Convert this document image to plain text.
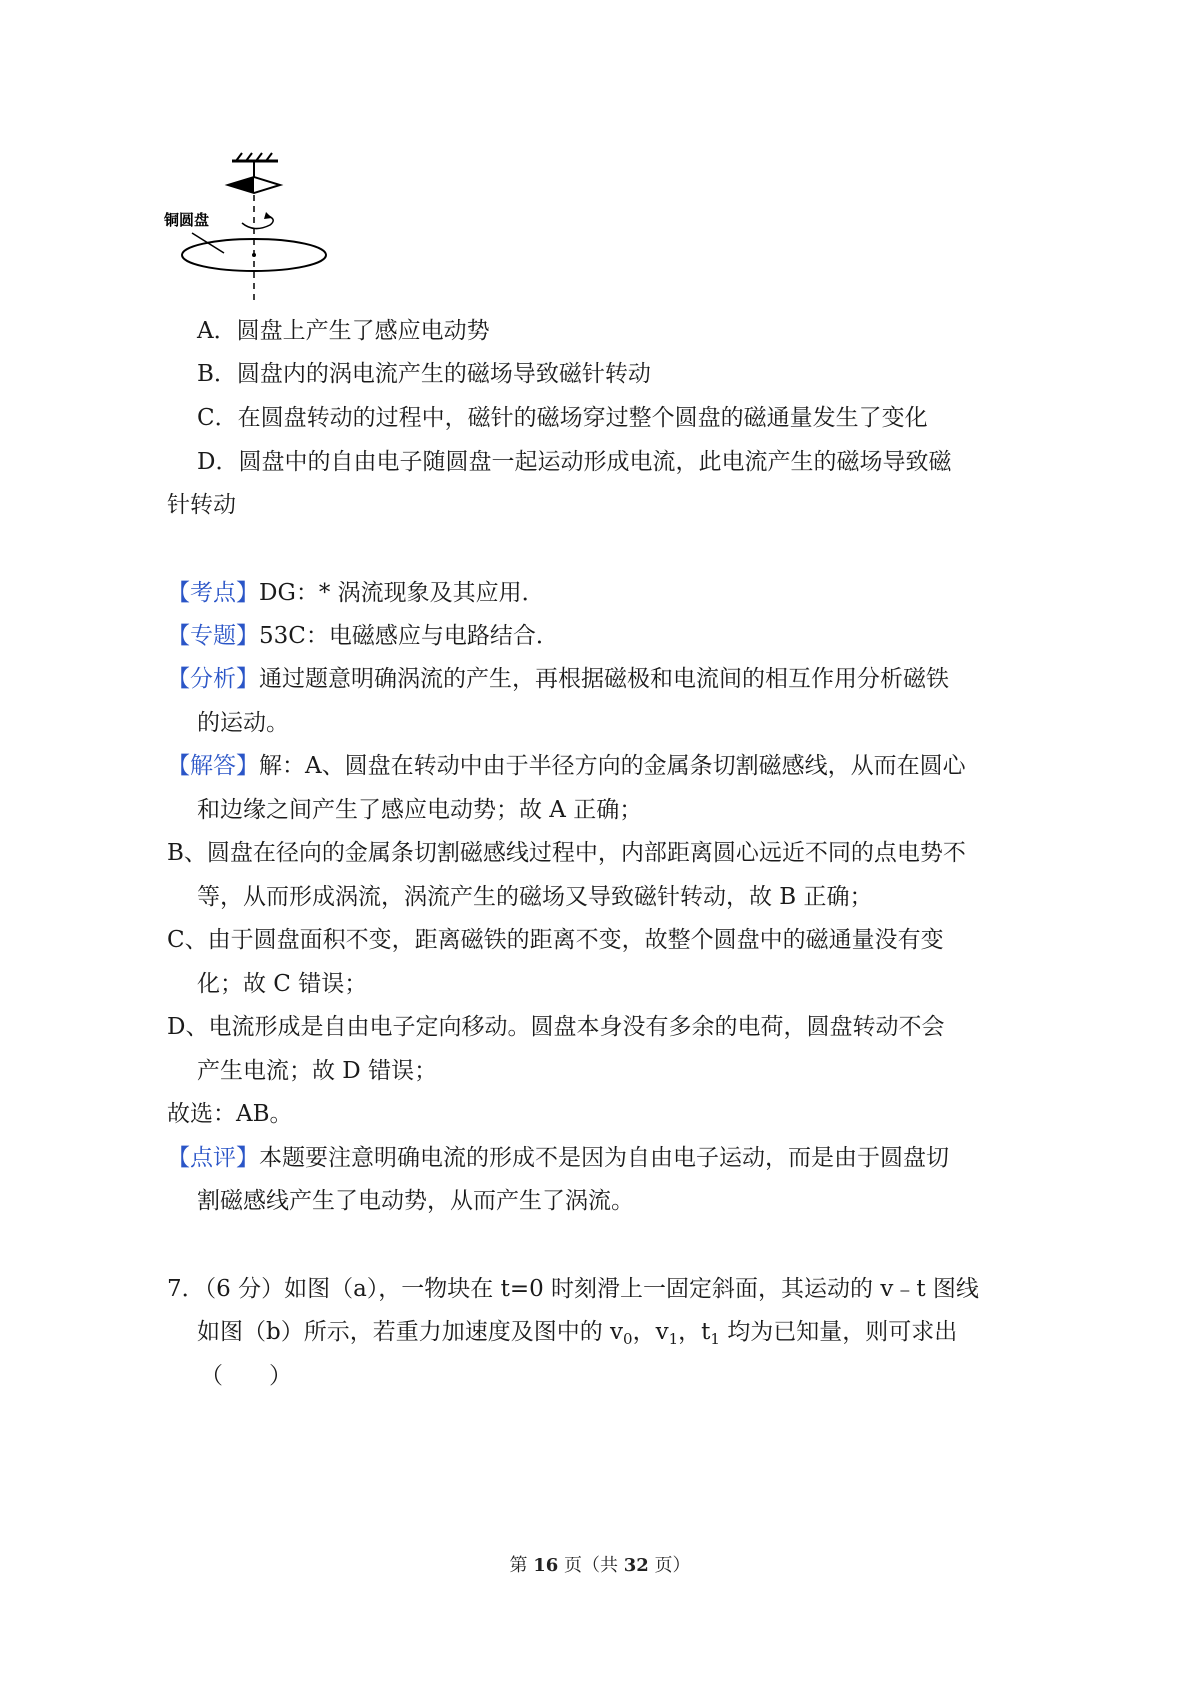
铜圆盘
A．圆盘上产生了感应电动势
B．圆盘内的涡电流产生的磁场导致磁针转动
C．在圆盘转动的过程中，磁针的磁场穿过整个圆盘的磁通量发生了变化
D．圆盘中的自由电子随圆盘一起运动形成电流，此电流产生的磁场导致磁
针转动
【考点】DG：* 涡流现象及其应用．
【专题】53C：电磁感应与电路结合．
【分析】通过题意明确涡流的产生，再根据磁极和电流间的相互作用分析磁铁
的运动。
【解答】解：A、圆盘在转动中由于半径方向的金属条切割磁感线，从而在圆心
和边缘之间产生了感应电动势；故 A 正确；
B、圆盘在径向的金属条切割磁感线过程中，内部距离圆心远近不同的点电势不
等，从而形成涡流，涡流产生的磁场又导致磁针转动，故 B 正确；
C、由于圆盘面积不变，距离磁铁的距离不变，故整个圆盘中的磁通量没有变
化；故 C 错误；
D、电流形成是自由电子定向移动。圆盘本身没有多余的电荷，圆盘转动不会
产生电流；故 D 错误；
故选：AB。
【点评】本题要注意明确电流的形成不是因为自由电子运动，而是由于圆盘切
割磁感线产生了电动势，从而产生了涡流。
7．（6 分）如图（a），一物块在 t=0 时刻滑上一固定斜面，其运动的 v﹣t 图线
如图（b）所示，若重力加速度及图中的 $v_0$，$v_1$，$t_1$ 均为已知量，则可求出
（　　）
第 16 页（共 32 页）
